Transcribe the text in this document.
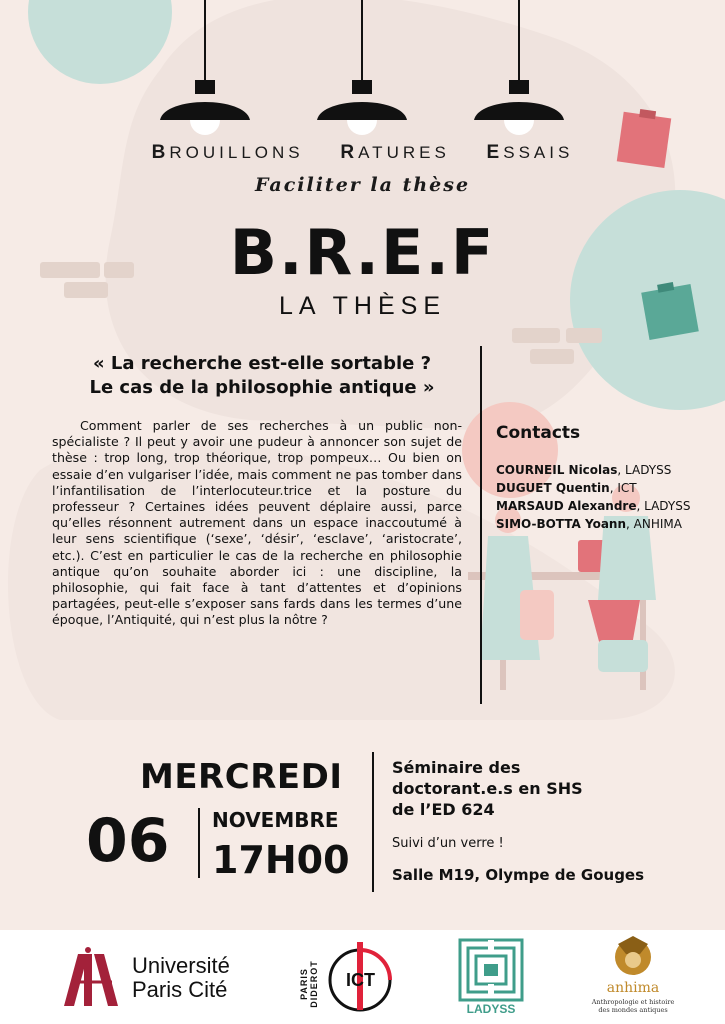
BROUILLONS RATURES ESSAIS
Faciliter la thèse
B.R.E.F
LA THÈSE
« La recherche est-elle sortable ?
Le cas de la philosophie antique »
Comment parler de ses recherches à un public non-spécialiste ? Il peut y avoir une pudeur à annoncer son sujet de thèse : trop long, trop théorique, trop pompeux… Ou bien on essaie d’en vulgariser l’idée, mais comment ne pas tomber dans l’infantilisation de l’interlocuteur.trice et la posture du professeur ? Certaines idées peuvent déplaire aussi, parce qu’elles résonnent autrement dans un espace inaccoutumé à leur sens scientifique (‘sexe’, ‘désir’, ‘esclave’, ‘aristocrate’, etc.). C’est en particulier le cas de la recherche en philosophie antique qu’on souhaite aborder ici : une discipline, la philosophie, qui fait face à tant d’attentes et d’opinions partagées, peut-elle s’exposer sans fards dans les termes d’une époque, l’Antiquité, qui n’est plus la nôtre ?
Contacts
COURNEIL Nicolas, LADYSS
DUGUET Quentin, ICT
MARSAUD Alexandre, LADYSS
SIMO-BOTTA Yoann, ANHIMA
MERCREDI
06 NOVEMBRE
17H00
Séminaire des
doctorant.e.s en SHS
de l’ED 624
Suivi d’un verre !
Salle M19, Olympe de Gouges
Université
Paris Cité	PARIS DIDEROT ICT
LADYSS
anhima
Anthropologie et histoire
des mondes antiques
